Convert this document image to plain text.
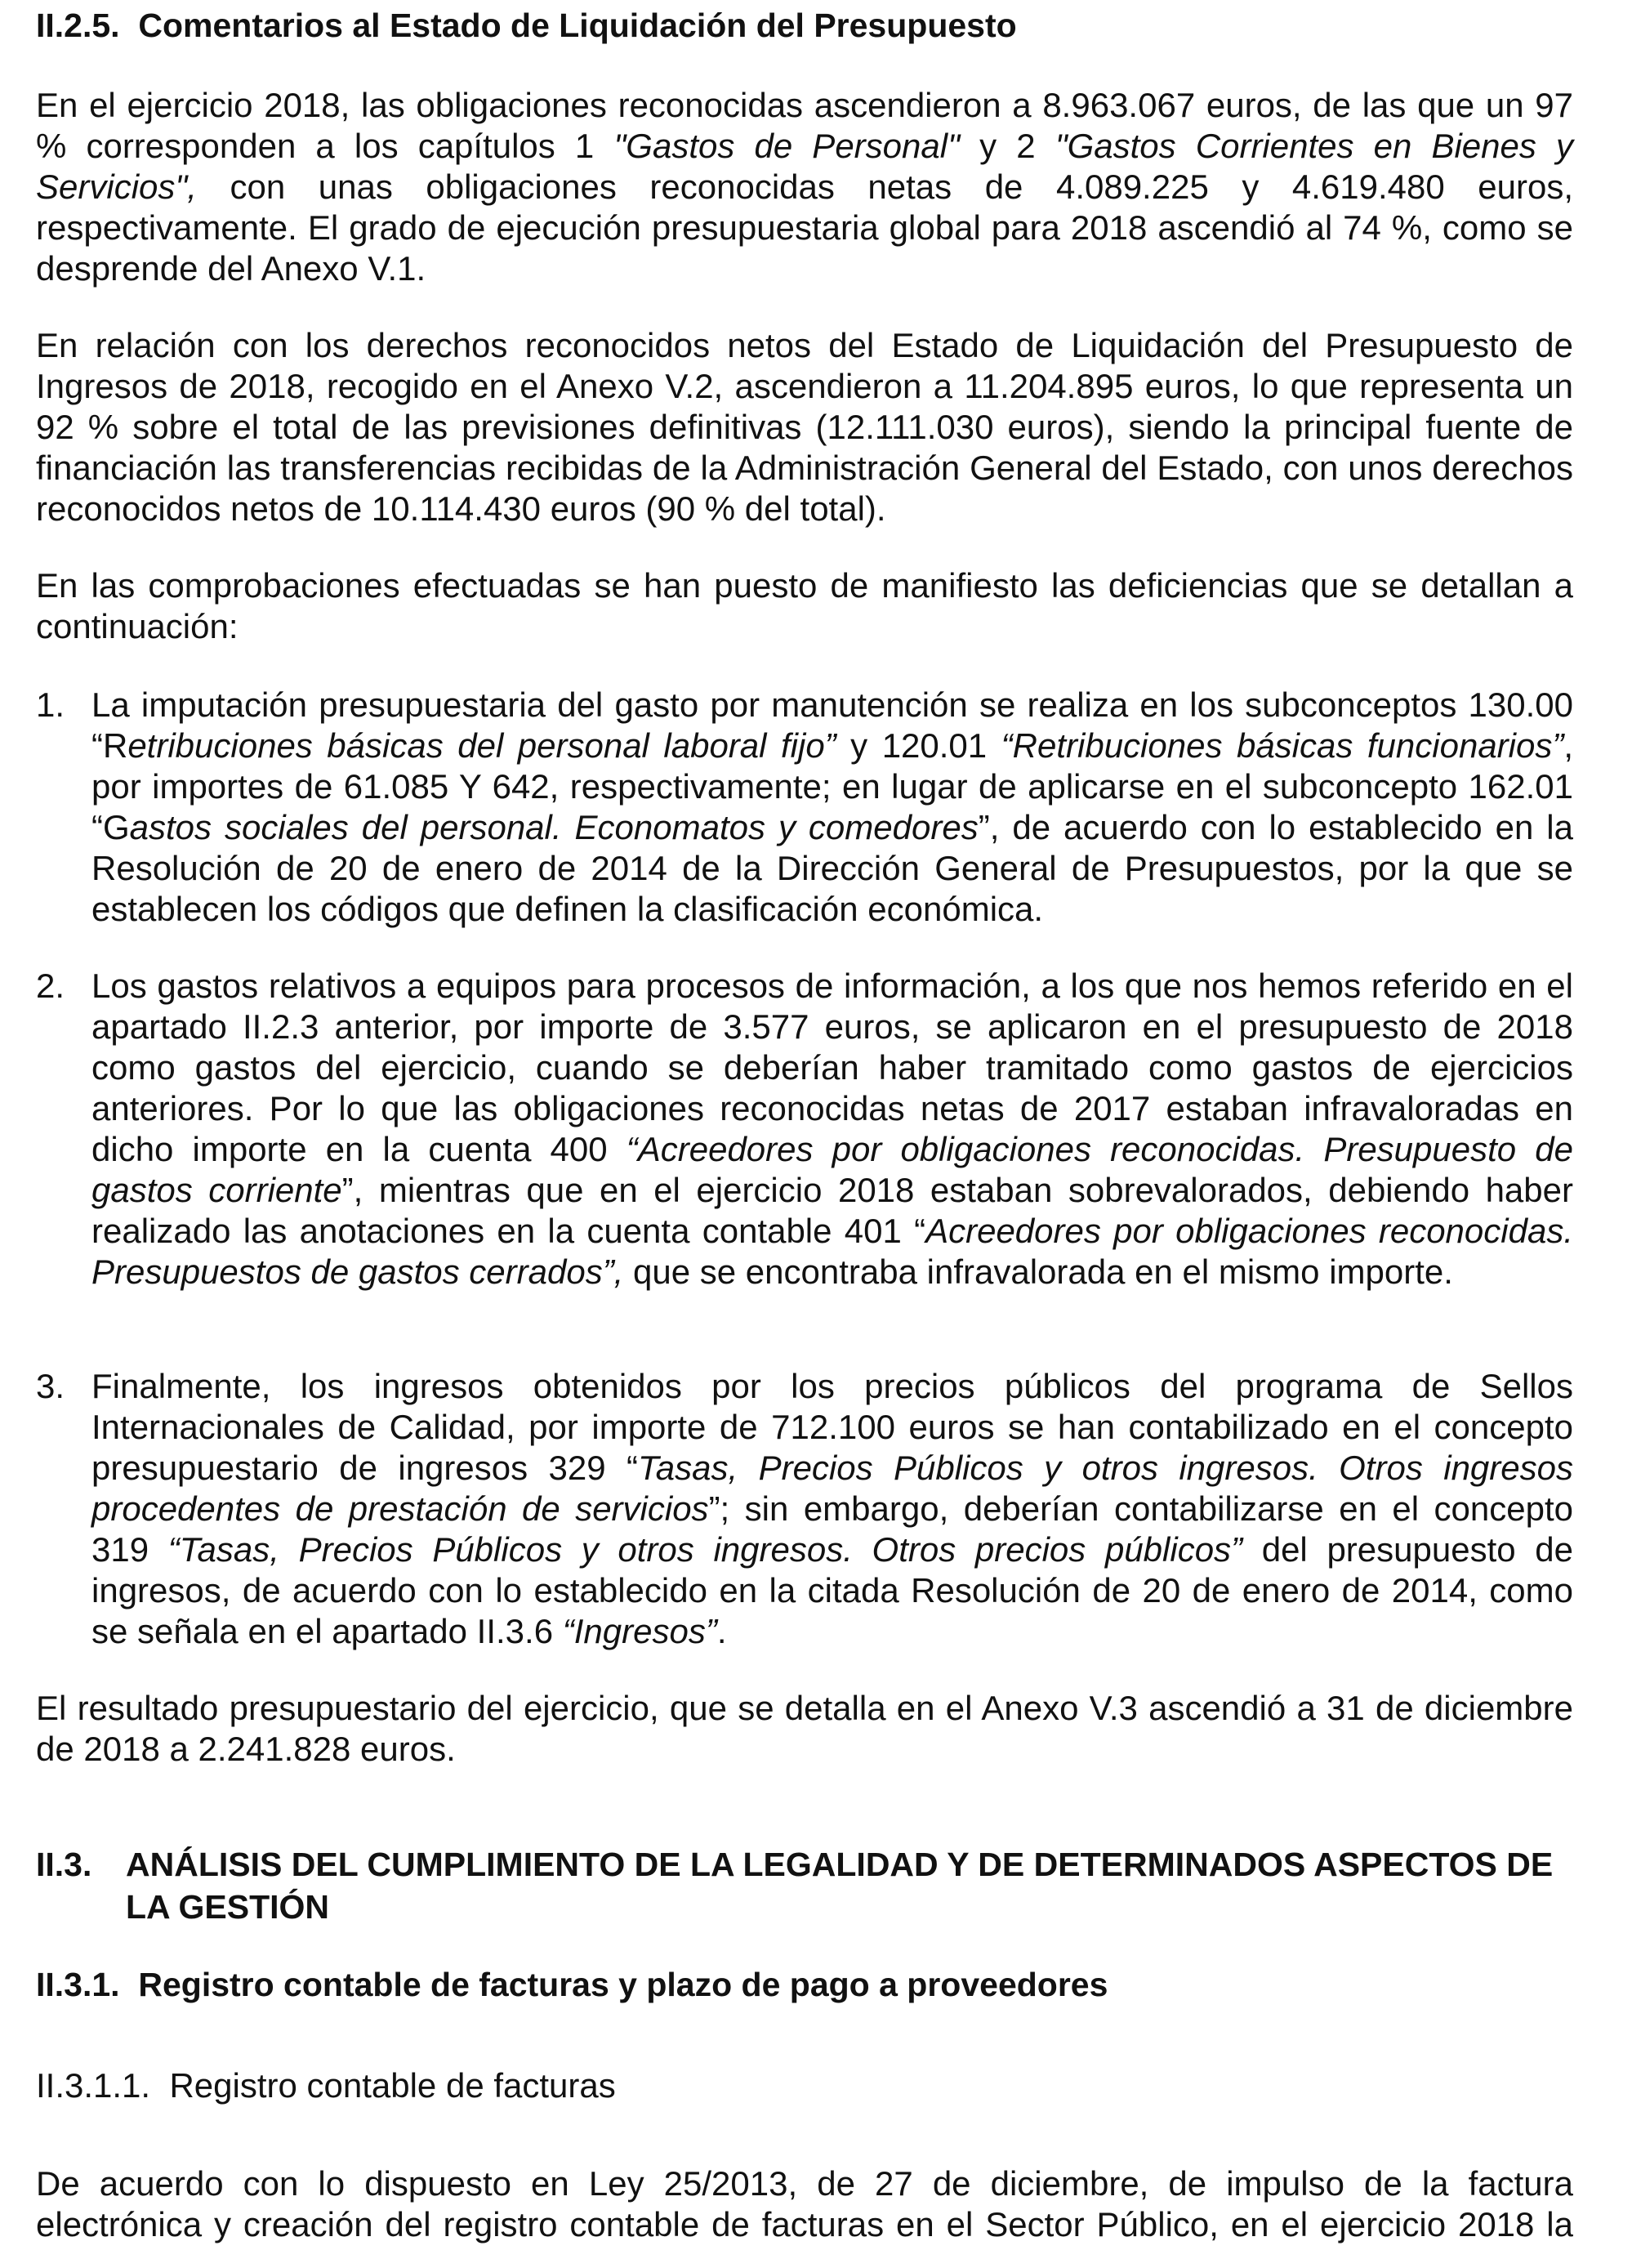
II.2.5. Comentarios al Estado de Liquidación del Presupuesto

En el ejercicio 2018, las obligaciones reconocidas ascendieron a 8.963.067 euros, de las que un 97 % corresponden a los capítulos 1 "Gastos de Personal" y 2 "Gastos Corrientes en Bienes y Servicios", con unas obligaciones reconocidas netas de 4.089.225 y 4.619.480 euros, respectivamente. El grado de ejecución presupuestaria global para 2018 ascendió al 74 %, como se desprende del Anexo V.1.

En relación con los derechos reconocidos netos del Estado de Liquidación del Presupuesto de Ingresos de 2018, recogido en el Anexo V.2, ascendieron a 11.204.895 euros, lo que representa un 92 % sobre el total de las previsiones definitivas (12.111.030 euros), siendo la principal fuente de financiación las transferencias recibidas de la Administración General del Estado, con unos derechos reconocidos netos de 10.114.430 euros (90 % del total).

En las comprobaciones efectuadas se han puesto de manifiesto las deficiencias que se detallan a continuación:

1. La imputación presupuestaria del gasto por manutención se realiza en los subconceptos 130.00 “Retribuciones básicas del personal laboral fijo” y 120.01 “Retribuciones básicas funcionarios”, por importes de 61.085 Y 642, respectivamente; en lugar de aplicarse en el subconcepto 162.01 “Gastos sociales del personal. Economatos y comedores”, de acuerdo con lo establecido en la Resolución de 20 de enero de 2014 de la Dirección General de Presupuestos, por la que se establecen los códigos que definen la clasificación económica.
2. Los gastos relativos a equipos para procesos de información, a los que nos hemos referido en el apartado II.2.3 anterior, por importe de 3.577 euros, se aplicaron en el presupuesto de 2018 como gastos del ejercicio, cuando se deberían haber tramitado como gastos de ejercicios anteriores. Por lo que las obligaciones reconocidas netas de 2017 estaban infravaloradas en dicho importe en la cuenta 400 “Acreedores por obligaciones reconocidas. Presupuesto de gastos corriente”, mientras que en el ejercicio 2018 estaban sobrevalorados, debiendo haber realizado las anotaciones en la cuenta contable 401 “Acreedores por obligaciones reconocidas. Presupuestos de gastos cerrados”, que se encontraba infravalorada en el mismo importe.
3. Finalmente, los ingresos obtenidos por los precios públicos del programa de Sellos Internacionales de Calidad, por importe de 712.100 euros se han contabilizado en el concepto presupuestario de ingresos 329 “Tasas, Precios Públicos y otros ingresos. Otros ingresos procedentes de prestación de servicios”; sin embargo, deberían contabilizarse en el concepto 319 “Tasas, Precios Públicos y otros ingresos. Otros precios públicos” del presupuesto de ingresos, de acuerdo con lo establecido en la citada Resolución de 20 de enero de 2014, como se señala en el apartado II.3.6 “Ingresos”.

El resultado presupuestario del ejercicio, que se detalla en el Anexo V.3 ascendió a 31 de diciembre de 2018 a 2.241.828 euros.

II.3. ANÁLISIS DEL CUMPLIMIENTO DE LA LEGALIDAD Y DE DETERMINADOS ASPECTOS DE LA GESTIÓN
II.3.1. Registro contable de facturas y plazo de pago a proveedores
II.3.1.1. Registro contable de facturas

De acuerdo con lo dispuesto en Ley 25/2013, de 27 de diciembre, de impulso de la factura electrónica y creación del registro contable de facturas en el Sector Público, en el ejercicio 2018 la
